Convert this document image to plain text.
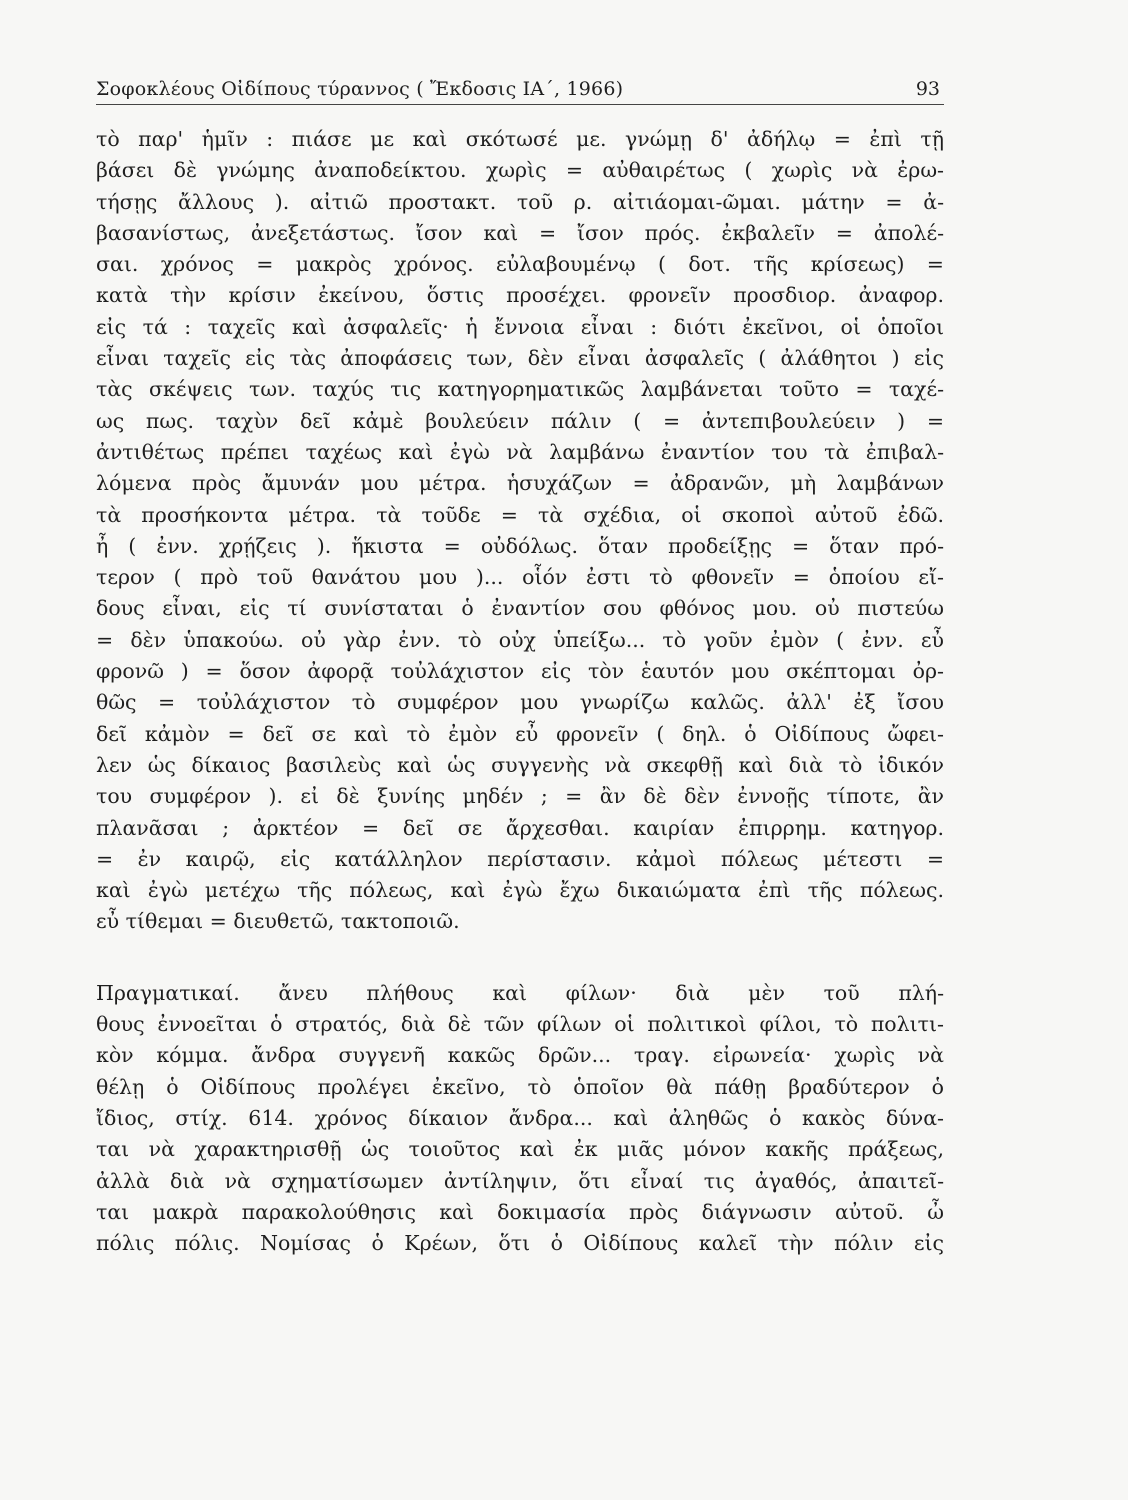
Σοφοκλέους Οἰδίπους τύραννος ( Ἔκδοσις ΙΑ΄, 1966)	93

τὸ παρ' ἡμῖν : πιάσε με καὶ σκότωσέ με. γνώμῃ δ' ἀδήλῳ = ἐπὶ τῇ
βάσει δὲ γνώμης ἀναποδείκτου. χωρὶς = αὐθαιρέτως ( χωρὶς νὰ ἐρω-
τήσῃς ἄλλους ). αἰτιῶ προστακτ. τοῦ ρ. αἰτιάομαι-ῶμαι. μάτην = ἀ-
βασανίστως, ἀνεξετάστως. ἴσον καὶ = ἴσον πρός. ἐκβαλεῖν = ἀπολέ-
σαι. χρόνος = μακρὸς χρόνος. εὐλαβουμένῳ ( δοτ. τῆς κρίσεως) =
κατὰ τὴν κρίσιν ἐκείνου, ὅστις προσέχει. φρονεῖν προσδιορ. ἀναφορ.
εἰς τά : ταχεῖς καὶ ἀσφαλεῖς· ἡ ἔννοια εἶναι : διότι ἐκεῖνοι, οἱ ὁποῖοι
εἶναι ταχεῖς εἰς τὰς ἀποφάσεις των, δὲν εἶναι ἀσφαλεῖς ( ἀλάθητοι ) εἰς
τὰς σκέψεις των. ταχύς τις κατηγορηματικῶς λαμβάνεται τοῦτο = ταχέ-
ως πως. ταχὺν δεῖ κἀμὲ βουλεύειν πάλιν ( = ἀντεπιβουλεύειν ) =
ἀντιθέτως πρέπει ταχέως καὶ ἐγὼ νὰ λαμβάνω ἐναντίον του τὰ ἐπιβαλ-
λόμενα πρὸς ἄμυνάν μου μέτρα. ἡσυχάζων = ἀδρανῶν, μὴ λαμβάνων
τὰ προσήκοντα μέτρα. τὰ τοῦδε = τὰ σχέδια, οἱ σκοποὶ αὐτοῦ ἐδῶ.
ἦ ( ἐνν. χρῄζεις ). ἥκιστα = οὐδόλως. ὅταν προδείξῃς = ὅταν πρό-
τερον ( πρὸ τοῦ θανάτου μου )... οἷόν ἐστι τὸ φθονεῖν = ὁποίου εἴ-
δους εἶναι, εἰς τί συνίσταται ὁ ἐναντίον σου φθόνος μου. οὐ πιστεύω
= δὲν ὑπακούω. οὐ γὰρ ἐνν. τὸ οὐχ ὑπείξω... τὸ γοῦν ἐμὸν ( ἐνν. εὖ
φρονῶ ) = ὅσον ἀφορᾷ τοὐλάχιστον εἰς τὸν ἑαυτόν μου σκέπτομαι ὀρ-
θῶς = τοὐλάχιστον τὸ συμφέρον μου γνωρίζω καλῶς. ἀλλ' ἐξ ἴσου
δεῖ κἀμὸν = δεῖ σε καὶ τὸ ἐμὸν εὖ φρονεῖν ( δηλ. ὁ Οἰδίπους ὤφει-
λεν ὡς δίκαιος βασιλεὺς καὶ ὡς συγγενὴς νὰ σκεφθῇ καὶ διὰ τὸ ἰδικόν
του συμφέρον ). εἰ δὲ ξυνίης μηδέν ; = ἂν δὲ δὲν ἐννοῇς τίποτε, ἂν
πλανᾶσαι ; ἀρκτέον = δεῖ σε ἄρχεσθαι. καιρίαν ἐπιρρημ. κατηγορ.
= ἐν καιρῷ, εἰς κατάλληλον περίστασιν. κἀμοὶ πόλεως μέτεστι =
καὶ ἐγὼ μετέχω τῆς πόλεως, καὶ ἐγὼ ἔχω δικαιώματα ἐπὶ τῆς πόλεως.
εὖ τίθεμαι = διευθετῶ, τακτοποιῶ.

Πραγματικαί. ἄνευ πλήθους καὶ φίλων· διὰ μὲν τοῦ πλή-
θους ἐννοεῖται ὁ στρατός, διὰ δὲ τῶν φίλων οἱ πολιτικοὶ φίλοι, τὸ πολιτι-
κὸν κόμμα. ἄνδρα συγγενῆ κακῶς δρῶν... τραγ. εἰρωνεία· χωρὶς νὰ
θέλῃ ὁ Οἰδίπους προλέγει ἐκεῖνο, τὸ ὁποῖον θὰ πάθῃ βραδύτερον ὁ
ἴδιος, στίχ. 614. χρόνος δίκαιον ἄνδρα... καὶ ἀληθῶς ὁ κακὸς δύνα-
ται νὰ χαρακτηρισθῇ ὡς τοιοῦτος καὶ ἐκ μιᾶς μόνον κακῆς πράξεως,
ἀλλὰ διὰ νὰ σχηματίσωμεν ἀντίληψιν, ὅτι εἶναί τις ἀγαθός, ἀπαιτεῖ-
ται μακρὰ παρακολούθησις καὶ δοκιμασία πρὸς διάγνωσιν αὐτοῦ. ὦ
πόλις πόλις. Νομίσας ὁ Κρέων, ὅτι ὁ Οἰδίπους καλεῖ τὴν πόλιν εἰς
